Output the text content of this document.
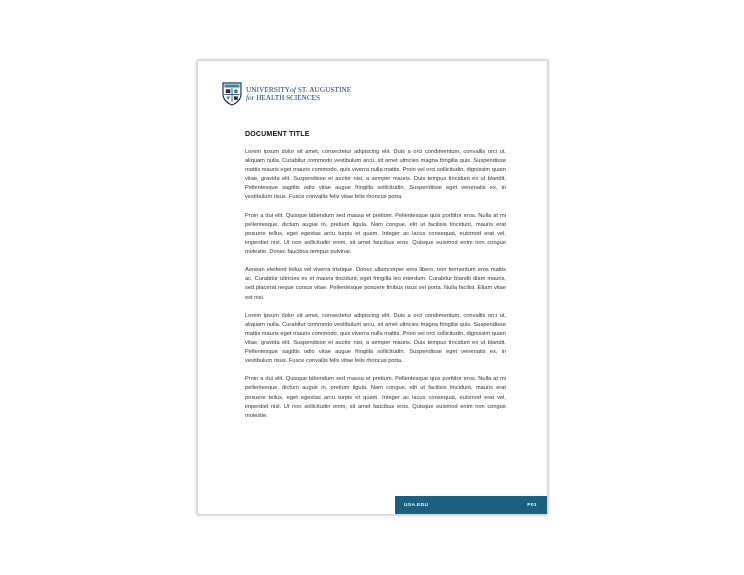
UNIVERSITYof ST. AUGUSTINE
for HEALTH SCIENCES
DOCUMENT TITLE

Lorem ipsum dolor sit amet, consectetur adipiscing elit. Duis a orci condimentum, convallis orci ut, aliquam nulla. Curabitur commodo vestibulum arcu, sit amet ultricies magna fringilla quis. Suspendisse mattis mauris eget mauris commodo, quis viverra nulla mattis. Proin vel orci sollicitudin, dignissim quam vitae, gravida elit. Suspendisse et auctor nisi, a semper mauris. Duis tempus tincidunt ex ut blandit. Pellentesque sagittis odio vitae augue fringilla sollicitudin. Suspendisse eget venenatis ex, in vestibulum risus. Fusce convallis felis vitae felis rhoncus porta.

Proin a dui elit. Quisque bibendum sed massa et pretium. Pellentesque quis porttitor eros. Nulla at mi pellentesque, dictum augue in, pretium ligula. Nam congue, elit ut facilisis tincidunt, mauris erat posuere tellus, eget egestas arcu turpis et quam. Integer ac lacus consequat, euismod erat vel, imperdiet nisl. Ut non sollicitudin enim, sit amet faucibus eros. Quisque euismod enim non congue molestie. Donec faucibus tempus pulvinar.

Aenean eleifend tellus vel viverra tristique. Donec ullamcorper eros libero, non fermentum eros mattis ac. Curabitur ultricies ex et mauris tincidunt, eget fringilla leo interdum. Curabitur blandit diam mauris, sed placerat neque cursus vitae. Pellentesque posuere finibus risus vel porta. Nulla facilisi. Etiam vitae est nisi.

Lorem ipsum dolor sit amet, consectetur adipiscing elit. Duis a orci condimentum, convallis orci ut, aliquam nulla. Curabitur commodo vestibulum arcu, sit amet ultricies magna fringilla quis. Suspendisse mattis mauris eget mauris commodo, quis viverra nulla mattis. Proin vel orci sollicitudin, dignissim quam vitae, gravida elit. Suspendisse et auctor nisi, a semper mauris. Duis tempus tincidunt ex ut blandit. Pellentesque sagittis odio vitae augue fringilla sollicitudin. Suspendisse eget venenatis ex, in vestibulum risus. Fusce convallis felis vitae felis rhoncus porta.

Proin a dui elit. Quisque bibendum sed massa et pretium. Pellentesque quis porttitor eros. Nulla at mi pellentesque, dictum augue in, pretium ligula. Nam congue, elit ut facilisis tincidunt, mauris erat posuere tellus, eget egestas arcu turpis et quam. Integer ac lacus consequat, euismod erat vel, imperdiet nisl. Ut non sollicitudin enim, sit amet faucibus eros. Quisque euismod enim non congue molestie.

USA.EDU	P01
